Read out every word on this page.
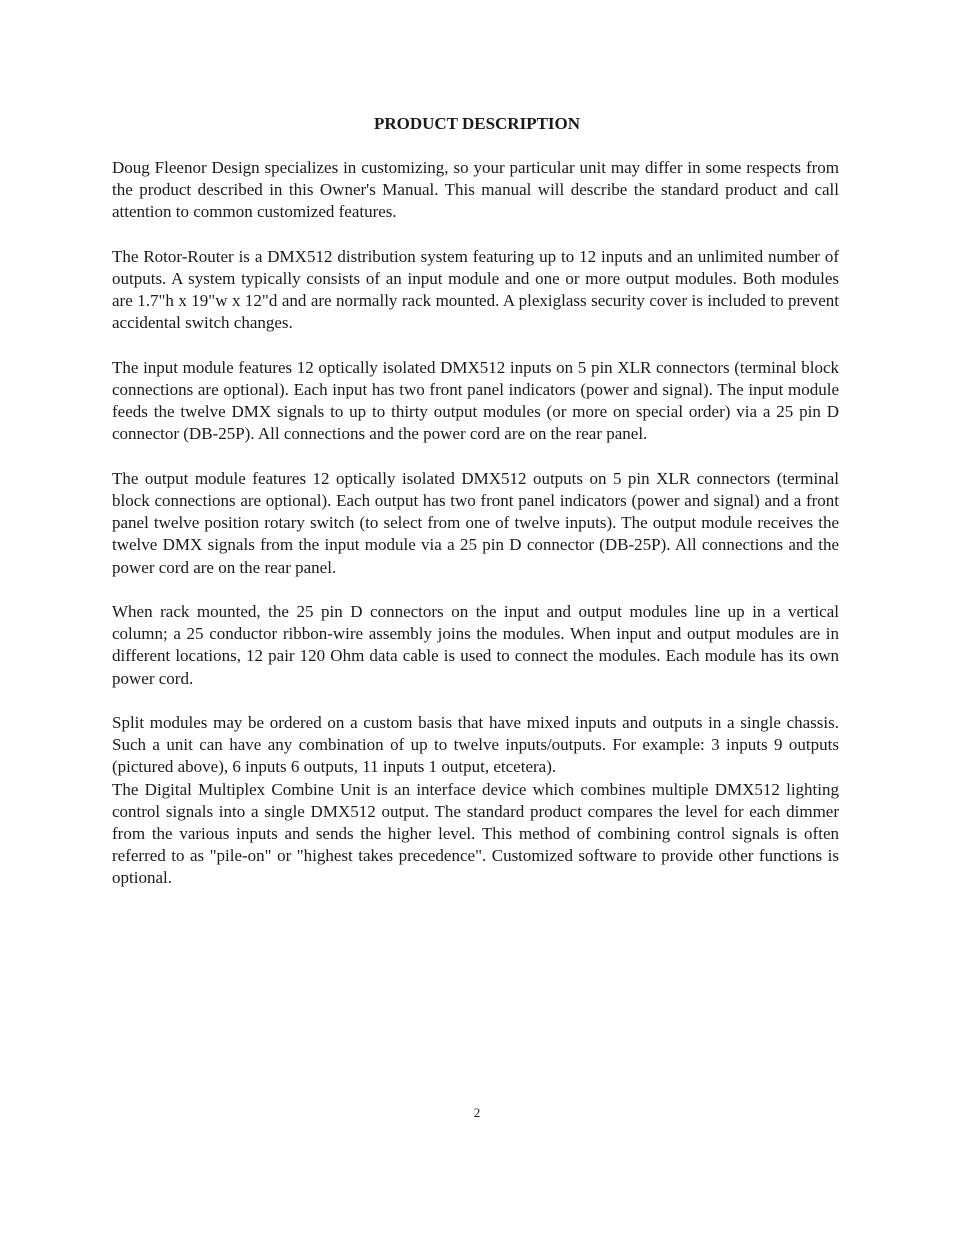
PRODUCT DESCRIPTION

Doug Fleenor Design specializes in customizing, so your particular unit may differ in some respects from the product described in this Owner's Manual. This manual will describe the standard product and call attention to common customized features.

The Rotor-Router is a DMX512 distribution system featuring up to 12 inputs and an unlimited number of outputs. A system typically consists of an input module and one or more output modules. Both modules are 1.7"h x 19"w x 12"d and are normally rack mounted. A plexiglass security cover is included to prevent accidental switch changes.

The input module features 12 optically isolated DMX512 inputs on 5 pin XLR connectors (terminal block connections are optional). Each input has two front panel indicators (power and signal). The input module feeds the twelve DMX signals to up to thirty output modules (or more on special order) via a 25 pin D connector (DB-25P). All connections and the power cord are on the rear panel.

The output module features 12 optically isolated DMX512 outputs on 5 pin XLR connectors (terminal block connections are optional). Each output has two front panel indicators (power and signal) and a front panel twelve position rotary switch (to select from one of twelve inputs). The output module receives the twelve DMX signals from the input module via a 25 pin D connector (DB-25P). All connections and the power cord are on the rear panel.

When rack mounted, the 25 pin D connectors on the input and output modules line up in a vertical column; a 25 conductor ribbon-wire assembly joins the modules. When input and output modules are in different locations, 12 pair 120 Ohm data cable is used to connect the modules. Each module has its own power cord.

Split modules may be ordered on a custom basis that have mixed inputs and outputs in a single chassis. Such a unit can have any combination of up to twelve inputs/outputs. For example: 3 inputs 9 outputs (pictured above), 6 inputs 6 outputs, 11 inputs 1 output, etcetera).

The Digital Multiplex Combine Unit is an interface device which combines multiple DMX512 lighting control signals into a single DMX512 output. The standard product compares the level for each dimmer from the various inputs and sends the higher level. This method of combining control signals is often referred to as "pile-on" or "highest takes precedence". Customized software to provide other functions is optional.

2
